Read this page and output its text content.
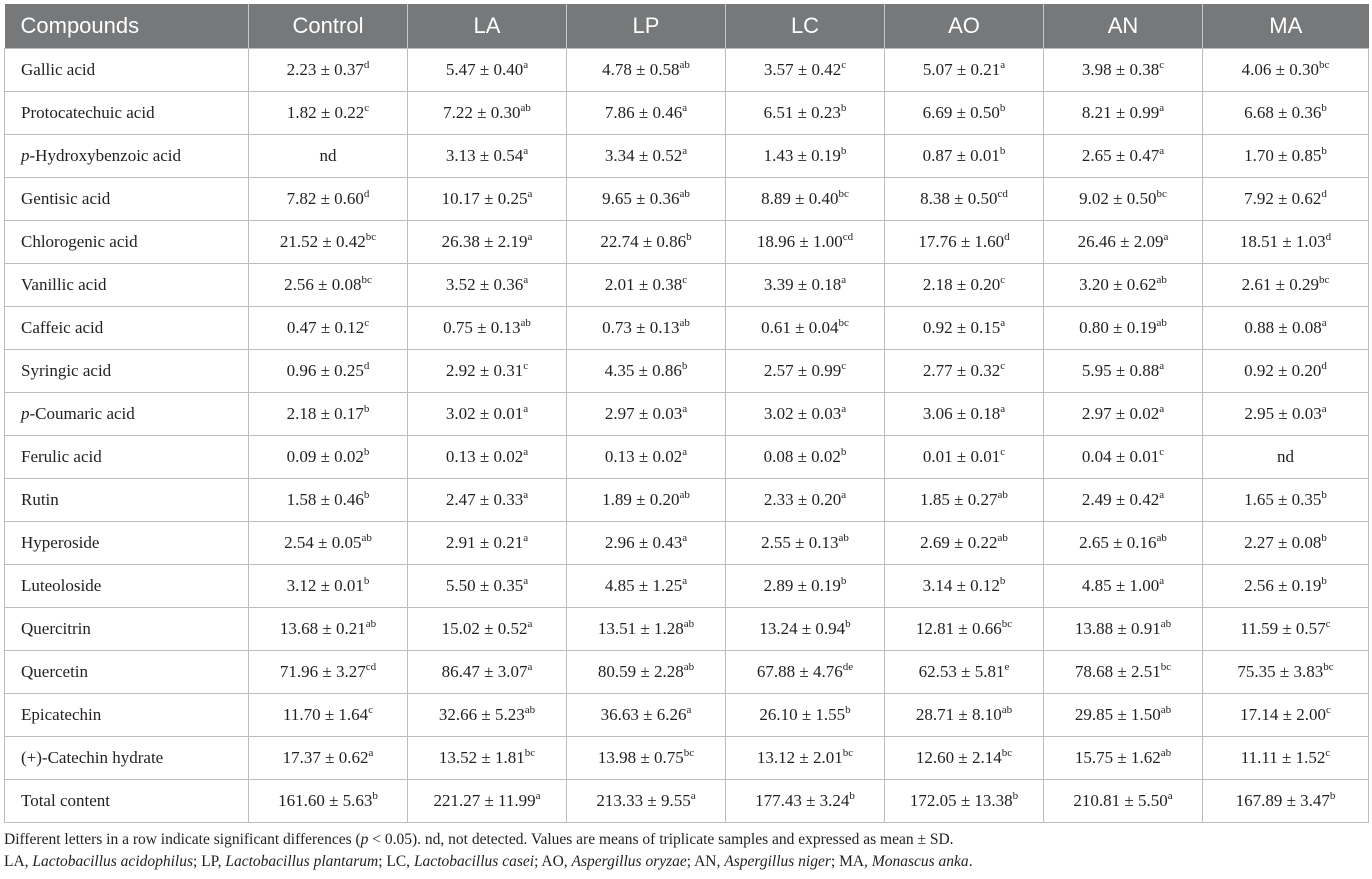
Compounds	Control	LA	LP	LC	AO	AN	MA
Gallic acid	2.23 ± 0.37$^d$	5.47 ± 0.40$^a$	4.78 ± 0.58$^{ab}$	3.57 ± 0.42$^c$	5.07 ± 0.21$^a$	3.98 ± 0.38$^c$	4.06 ± 0.30$^{bc}$
Protocatechuic acid	1.82 ± 0.22$^c$	7.22 ± 0.30$^{ab}$	7.86 ± 0.46$^a$	6.51 ± 0.23$^b$	6.69 ± 0.50$^b$	8.21 ± 0.99$^a$	6.68 ± 0.36$^b$
p-Hydroxybenzoic acid	nd	3.13 ± 0.54$^a$	3.34 ± 0.52$^a$	1.43 ± 0.19$^b$	0.87 ± 0.01$^b$	2.65 ± 0.47$^a$	1.70 ± 0.85$^b$
Gentisic acid	7.82 ± 0.60$^d$	10.17 ± 0.25$^a$	9.65 ± 0.36$^{ab}$	8.89 ± 0.40$^{bc}$	8.38 ± 0.50$^{cd}$	9.02 ± 0.50$^{bc}$	7.92 ± 0.62$^d$
Chlorogenic acid	21.52 ± 0.42$^{bc}$	26.38 ± 2.19$^a$	22.74 ± 0.86$^b$	18.96 ± 1.00$^{cd}$	17.76 ± 1.60$^d$	26.46 ± 2.09$^a$	18.51 ± 1.03$^d$
Vanillic acid	2.56 ± 0.08$^{bc}$	3.52 ± 0.36$^a$	2.01 ± 0.38$^c$	3.39 ± 0.18$^a$	2.18 ± 0.20$^c$	3.20 ± 0.62$^{ab}$	2.61 ± 0.29$^{bc}$
Caffeic acid	0.47 ± 0.12$^c$	0.75 ± 0.13$^{ab}$	0.73 ± 0.13$^{ab}$	0.61 ± 0.04$^{bc}$	0.92 ± 0.15$^a$	0.80 ± 0.19$^{ab}$	0.88 ± 0.08$^a$
Syringic acid	0.96 ± 0.25$^d$	2.92 ± 0.31$^c$	4.35 ± 0.86$^b$	2.57 ± 0.99$^c$	2.77 ± 0.32$^c$	5.95 ± 0.88$^a$	0.92 ± 0.20$^d$
p-Coumaric acid	2.18 ± 0.17$^b$	3.02 ± 0.01$^a$	2.97 ± 0.03$^a$	3.02 ± 0.03$^a$	3.06 ± 0.18$^a$	2.97 ± 0.02$^a$	2.95 ± 0.03$^a$
Ferulic acid	0.09 ± 0.02$^b$	0.13 ± 0.02$^a$	0.13 ± 0.02$^a$	0.08 ± 0.02$^b$	0.01 ± 0.01$^c$	0.04 ± 0.01$^c$	nd
Rutin	1.58 ± 0.46$^b$	2.47 ± 0.33$^a$	1.89 ± 0.20$^{ab}$	2.33 ± 0.20$^a$	1.85 ± 0.27$^{ab}$	2.49 ± 0.42$^a$	1.65 ± 0.35$^b$
Hyperoside	2.54 ± 0.05$^{ab}$	2.91 ± 0.21$^a$	2.96 ± 0.43$^a$	2.55 ± 0.13$^{ab}$	2.69 ± 0.22$^{ab}$	2.65 ± 0.16$^{ab}$	2.27 ± 0.08$^b$
Luteoloside	3.12 ± 0.01$^b$	5.50 ± 0.35$^a$	4.85 ± 1.25$^a$	2.89 ± 0.19$^b$	3.14 ± 0.12$^b$	4.85 ± 1.00$^a$	2.56 ± 0.19$^b$
Quercitrin	13.68 ± 0.21$^{ab}$	15.02 ± 0.52$^a$	13.51 ± 1.28$^{ab}$	13.24 ± 0.94$^b$	12.81 ± 0.66$^{bc}$	13.88 ± 0.91$^{ab}$	11.59 ± 0.57$^c$
Quercetin	71.96 ± 3.27$^{cd}$	86.47 ± 3.07$^a$	80.59 ± 2.28$^{ab}$	67.88 ± 4.76de	62.53 ± 5.81$^e$	78.68 ± 2.51$^{bc}$	75.35 ± 3.83$^{bc}$
Epicatechin	11.70 ± 1.64$^c$	32.66 ± 5.23$^{ab}$	36.63 ± 6.26$^a$	26.10 ± 1.55$^b$	28.71 ± 8.10$^{ab}$	29.85 ± 1.50$^{ab}$	17.14 ± 2.00$^c$
(+)-Catechin hydrate	17.37 ± 0.62$^a$	13.52 ± 1.81$^{bc}$	13.98 ± 0.75$^{bc}$	13.12 ± 2.01$^{bc}$	12.60 ± 2.14$^{bc}$	15.75 ± 1.62$^{ab}$	11.11 ± 1.52$^c$
Total content	161.60 ± 5.63$^b$	221.27 ± 11.99$^a$	213.33 ± 9.55$^a$	177.43 ± 3.24$^b$	172.05 ± 13.38$^b$	210.81 ± 5.50$^a$	167.89 ± 3.47$^b$
Different letters in a row indicate significant differences (p < 0.05). nd, not detected. Values are means of triplicate samples and expressed as mean ± SD.
LA, Lactobacillus acidophilus; LP, Lactobacillus plantarum; LC, Lactobacillus casei; AO, Aspergillus oryzae; AN, Aspergillus niger; MA, Monascus anka.
